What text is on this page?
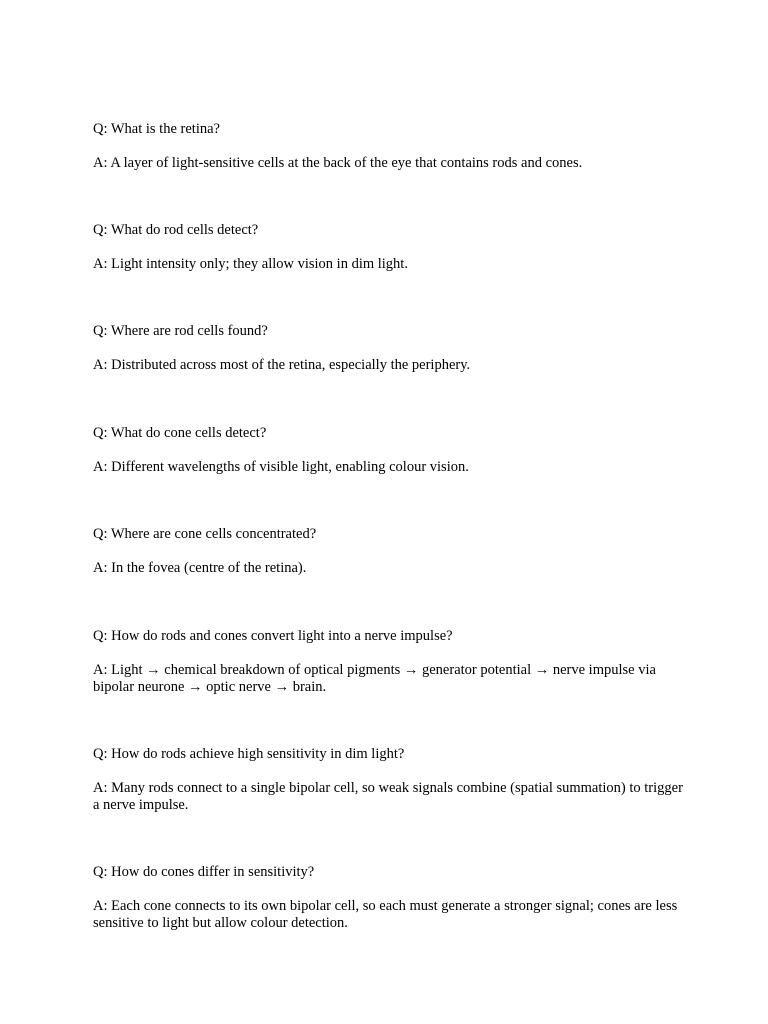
Q: What is the retina?

A: A layer of light-sensitive cells at the back of the eye that contains rods and cones.

Q: What do rod cells detect?

A: Light intensity only; they allow vision in dim light.

Q: Where are rod cells found?

A: Distributed across most of the retina, especially the periphery.

Q: What do cone cells detect?

A: Different wavelengths of visible light, enabling colour vision.

Q: Where are cone cells concentrated?

A: In the fovea (centre of the retina).

Q: How do rods and cones convert light into a nerve impulse?

A: Light → chemical breakdown of optical pigments → generator potential → nerve impulse via bipolar neurone → optic nerve → brain.

Q: How do rods achieve high sensitivity in dim light?

A: Many rods connect to a single bipolar cell, so weak signals combine (spatial summation) to trigger a nerve impulse.

Q: How do cones differ in sensitivity?

A: Each cone connects to its own bipolar cell, so each must generate a stronger signal; cones are less sensitive to light but allow colour detection.
